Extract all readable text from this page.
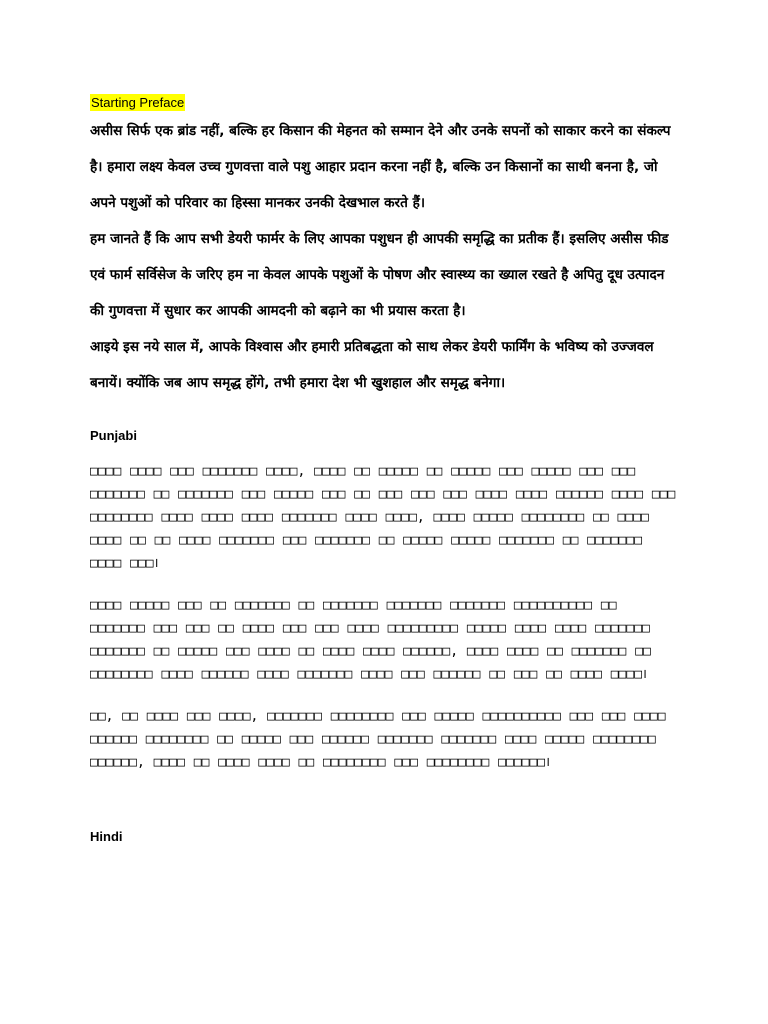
Starting Preface

असीस सिर्फ एक ब्रांड नहीं, बल्कि हर किसान की मेहनत को सम्मान देने और उनके सपनों को साकार करने का संकल्प है। हमारा लक्ष्य केवल उच्च गुणवत्ता वाले पशु आहार प्रदान करना नहीं है, बल्कि उन किसानों का साथी बनना है, जो अपने पशुओं को परिवार का हिस्सा मानकर उनकी देखभाल करते हैं।

हम जानते हैं कि आप सभी डेयरी फार्मर के लिए आपका पशुधन ही आपकी समृद्धि का प्रतीक हैं। इसलिए असीस फीड एवं फार्म सर्विसेज के जरिए हम ना केवल आपके पशुओं के पोषण और स्वास्थ्य का ख्याल रखते है अपितु दूध उत्पादन की गुणवत्ता में सुधार कर आपकी आमदनी को बढ़ाने का भी प्रयास करता है।

आइये इस नये साल में, आपके विश्वास और हमारी प्रतिबद्धता को साथ लेकर डेयरी फार्मिंग के भविष्य को उज्जवल बनायें। क्योंकि जब आप समृद्ध होंगे, तभी हमारा देश भी खुशहाल और समृद्ध बनेगा।

Punjabi

□□□□ □□□□ □□□ □□□□□□□ □□□□, □□□□ □□ □□□□□ □□ □□□□□ □□□ □□□□□ □□□ □□□ □□□□□□□ □□ □□□□□□□ □□□ □□□□□ □□□ □□ □□□ □□□ □□□ □□□□ □□□□ □□□□□□ □□□□ □□□ □□□□□□□□ □□□□ □□□□ □□□□ □□□□□□□ □□□□ □□□□, □□□□ □□□□□ □□□□□□□□ □□ □□□□ □□□□ □□ □□ □□□□ □□□□□□□ □□□ □□□□□□□ □□ □□□□□ □□□□□ □□□□□□□ □□ □□□□□□□ □□□□ □□□।

□□□□ □□□□□ □□□ □□ □□□□□□□ □□ □□□□□□□ □□□□□□□ □□□□□□□ □□□□□□□□□□ □□ □□□□□□□ □□□ □□□ □□ □□□□ □□□ □□□ □□□□ □□□□□□□□□ □□□□□ □□□□ □□□□ □□□□□□□ □□□□□□□ □□ □□□□□ □□□ □□□□ □□ □□□□ □□□□ □□□□□□, □□□□ □□□□ □□ □□□□□□□ □□ □□□□□□□□ □□□□ □□□□□□ □□□□ □□□□□□□ □□□□ □□□ □□□□□□ □□ □□□ □□ □□□□ □□□□।

□□, □□ □□□□ □□□ □□□□, □□□□□□□ □□□□□□□□ □□□ □□□□□ □□□□□□□□□□ □□□ □□□ □□□□ □□□□□□ □□□□□□□□ □□ □□□□□ □□□ □□□□□□ □□□□□□□ □□□□□□□ □□□□ □□□□□ □□□□□□□□ □□□□□□, □□□□ □□ □□□□ □□□□ □□ □□□□□□□□ □□□ □□□□□□□□ □□□□□□।

Hindi
